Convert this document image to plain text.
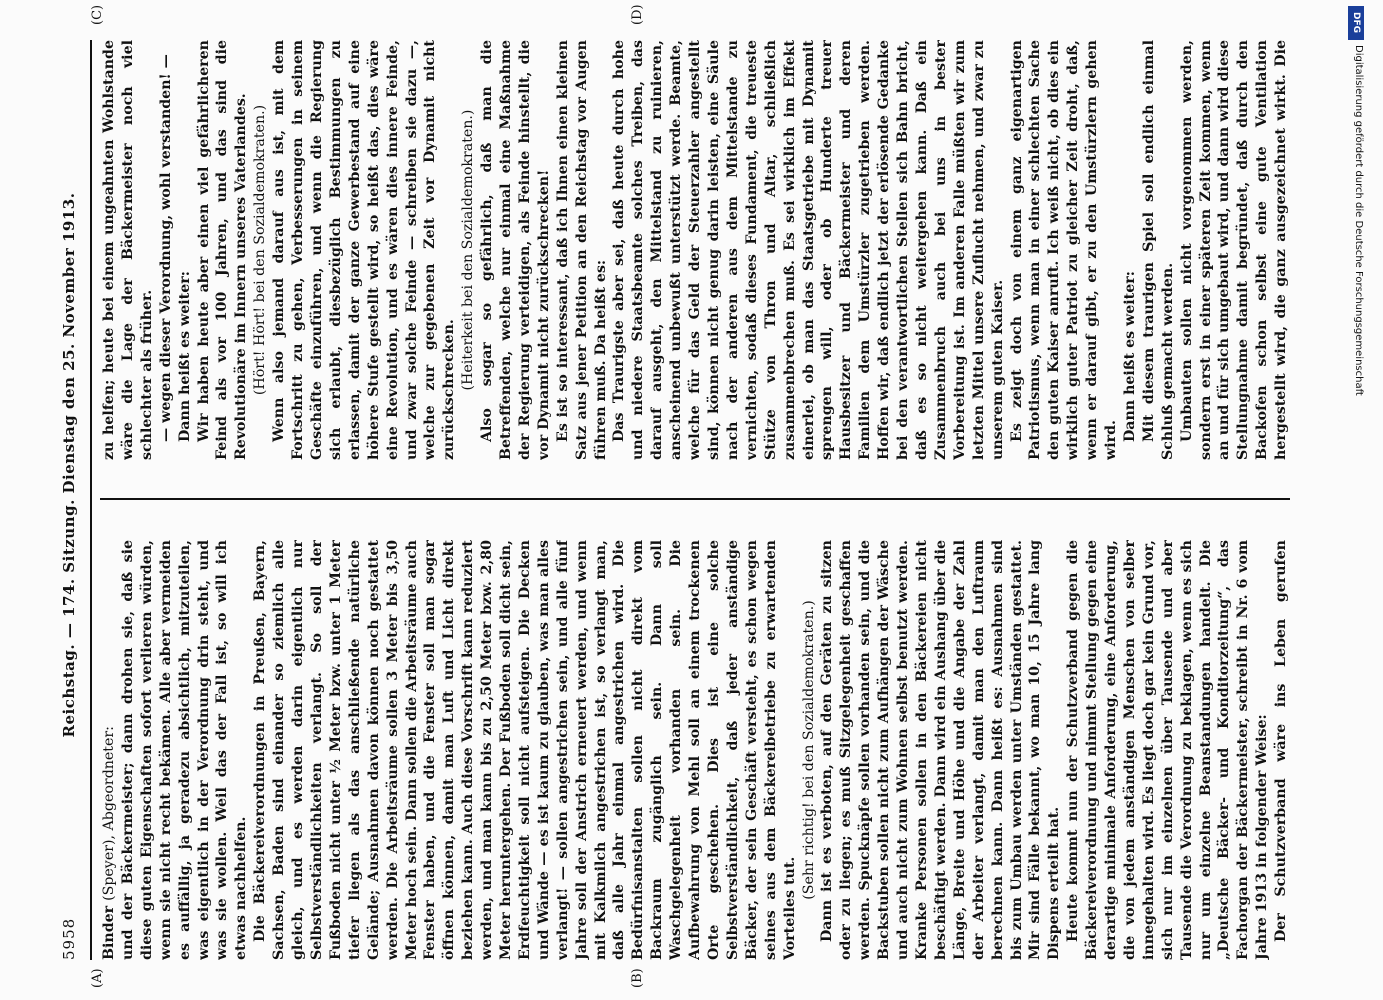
5958
Reichstag. — 174. Sitzung. Dienstag den 25. November 1913.
(A)	(B)
(C)	(D)

Binder (Speyer), Abgeordneter: und der Bäckermeister; dann drohen sie, daß sie diese guten Eigenschaften sofort verlieren würden, wenn sie nicht recht bekämen. Alle aber vermeiden es auffällig, ja geradezu absichtlich, mitzuteilen, was eigentlich in der Verordnung drin steht, und was sie wollen. Weil das der Fall ist, so will ich etwas nachhelfen. Die Bäckereiverordnungen in Preußen, Bayern, Sachsen, Baden sind einander so ziemlich alle gleich, und es werden darin eigentlich nur Selbstverständlichkeiten verlangt. So soll der Fußboden nicht unter ½ Meter bzw. unter 1 Meter tiefer liegen als das anschließende natürliche Gelände; Ausnahmen davon können noch gestattet werden. Die Arbeitsräume sollen 3 Meter bis 3,50 Meter hoch sein. Dann sollen die Arbeitsräume auch Fenster haben, und die Fenster soll man sogar öffnen können, damit man Luft und Licht direkt beziehen kann. Auch diese Vorschrift kann reduziert werden, und man kann bis zu 2,50 Meter bzw. 2,80 Meter heruntergehen. Der Fußboden soll dicht sein, Erdfeuchtigkeit soll nicht aufsteigen. Die Decken und Wände — es ist kaum zu glauben, was man alles verlangt! — sollen angestrichen sein, und alle fünf Jahre soll der Anstrich erneuert werden, und wenn mit Kalkmilch angestrichen ist, so verlangt man, daß alle Jahr einmal angestrichen wird. Die Bedürfnisanstalten sollen nicht direkt vom Backraum zugänglich sein. Dann soll Waschgelegenheit vorhanden sein. Die Aufbewahrung von Mehl soll an einem trockenen Orte geschehen. Dies ist eine solche Selbstverständlichkeit, daß jeder anständige Bäcker, der sein Geschäft versteht, es schon wegen seines aus dem Bäckereibetriebe zu erwartenden Vorteiles tut.

(Sehr richtig! bei den Sozialdemokraten.) Dann ist es verboten, auf den Geräten zu sitzen oder zu liegen; es muß Sitzgelegenheit geschaffen werden. Spucknäpfe sollen vorhanden sein, und die Backstuben sollen nicht zum Aufhängen der Wäsche und auch nicht zum Wohnen selbst benutzt werden. Kranke Personen sollen in den Bäckereien nicht beschäftigt werden. Dann wird ein Aushang über die Länge, Breite und Höhe und die Angabe der Zahl der Arbeiter verlangt, damit man den Luftraum berechnen kann. Dann heißt es: Ausnahmen sind bis zum Umbau werden unter Umständen gestattet. Mir sind Fälle bekannt, wo man 10, 15 Jahre lang Dispens erteilt hat. Heute kommt nun der Schutzverband gegen die Bäckereiverordnung und nimmt Stellung gegen eine derartige minimale Anforderung, eine Anforderung, die von jedem anständigen Menschen von selber innegehalten wird. Es liegt doch gar kein Grund vor, sich nur im einzelnen über Tausende und aber Tausende die Verordnung zu beklagen, wenn es sich nur um einzelne Beanstandungen handelt. Die „Deutsche Bäcker- und Konditorzeitung“, das Fachorgan der Bäckermeister, schreibt in Nr. 6 vom Jahre 1913 in folgender Weise: Der Schutzverband wäre ins Leben gerufen

zu helfen; heute bei einem ungeahnten Wohlstande wäre die Lage der Bäckermeister noch viel schlechter als früher. — wegen dieser Verordnung, wohl verstanden! — Dann heißt es weiter: Wir haben heute aber einen viel gefährlicheren Feind als vor 100 Jahren, und das sind die Revolutionäre im Innern unseres Vaterlandes. (Hört! Hört! bei den Sozialdemokraten.) Wenn also jemand darauf aus ist, mit dem Fortschritt zu gehen, Verbesserungen in seinem Geschäfte einzuführen, und wenn die Regierung sich erlaubt, diesbezüglich Bestimmungen zu erlassen, damit der ganze Gewerbestand auf eine höhere Stufe gestellt wird, so heißt das, dies wäre eine Revolution, und es wären dies innere Feinde, und zwar solche Feinde — schreiben sie dazu —, welche zur gegebenen Zeit vor Dynamit nicht zurückschrecken. (Heiterkeit bei den Sozialdemokraten.) Also sogar so gefährlich, daß man die Betreffenden, welche nur einmal eine Maßnahme der Regierung verteidigen, als Feinde hinstellt, die vor Dynamit nicht zurückschrecken! Es ist so interessant, daß ich Ihnen einen kleinen Satz aus jener Petition an den Reichstag vor Augen führen muß. Da heißt es: Das Traurigste aber sei, daß heute durch hohe und niedere Staatsbeamte solches Treiben, das darauf ausgeht, den Mittelstand zu ruinieren, anscheinend unbewußt unterstützt werde. Beamte, welche für das Geld der Steuerzahler angestellt sind, können nicht genug darin leisten, eine Säule nach der anderen aus dem Mittelstande zu vernichten, sodaß dieses Fundament, die treueste Stütze von Thron und Altar, schließlich zusammenbrechen muß. Es sei wirklich im Effekt einerlei, ob man das Staatsgetriebe mit Dynamit sprengen will, oder ob Hunderte treuer Hausbesitzer und Bäckermeister und deren Familien dem Umstürzler zugetrieben werden. Hoffen wir, daß endlich jetzt der erlösende Gedanke bei den verantwortlichen Stellen sich Bahn bricht, daß es so nicht weitergehen kann. Daß ein Zusammenbruch auch bei uns in bester Vorbereitung ist. Im anderen Falle müßten wir zum letzten Mittel unsere Zuflucht nehmen, und zwar zu unserem guten Kaiser. Es zeigt doch von einem ganz eigenartigen Patriotismus, wenn man in einer schlechten Sache den guten Kaiser anruft. Ich weiß nicht, ob dies ein wirklich guter Patriot zu gleicher Zeit droht, daß, wenn er darauf gibt, er zu den Umstürzlern gehen wird. Dann heißt es weiter: Mit diesem traurigen Spiel soll endlich einmal Schluß gemacht werden. Umbauten sollen nicht vorgenommen werden, sondern erst in einer späteren Zeit kommen, wenn an und für sich umgebaut wird, und dann wird diese Stellungnahme damit begründet, daß durch den Backofen schon selbst eine gute Ventilation hergestellt wird, die ganz ausgezeichnet wirkt. Die

DFG
Digitalisierung gefördert durch die Deutsche Forschungsgemeinschaft
